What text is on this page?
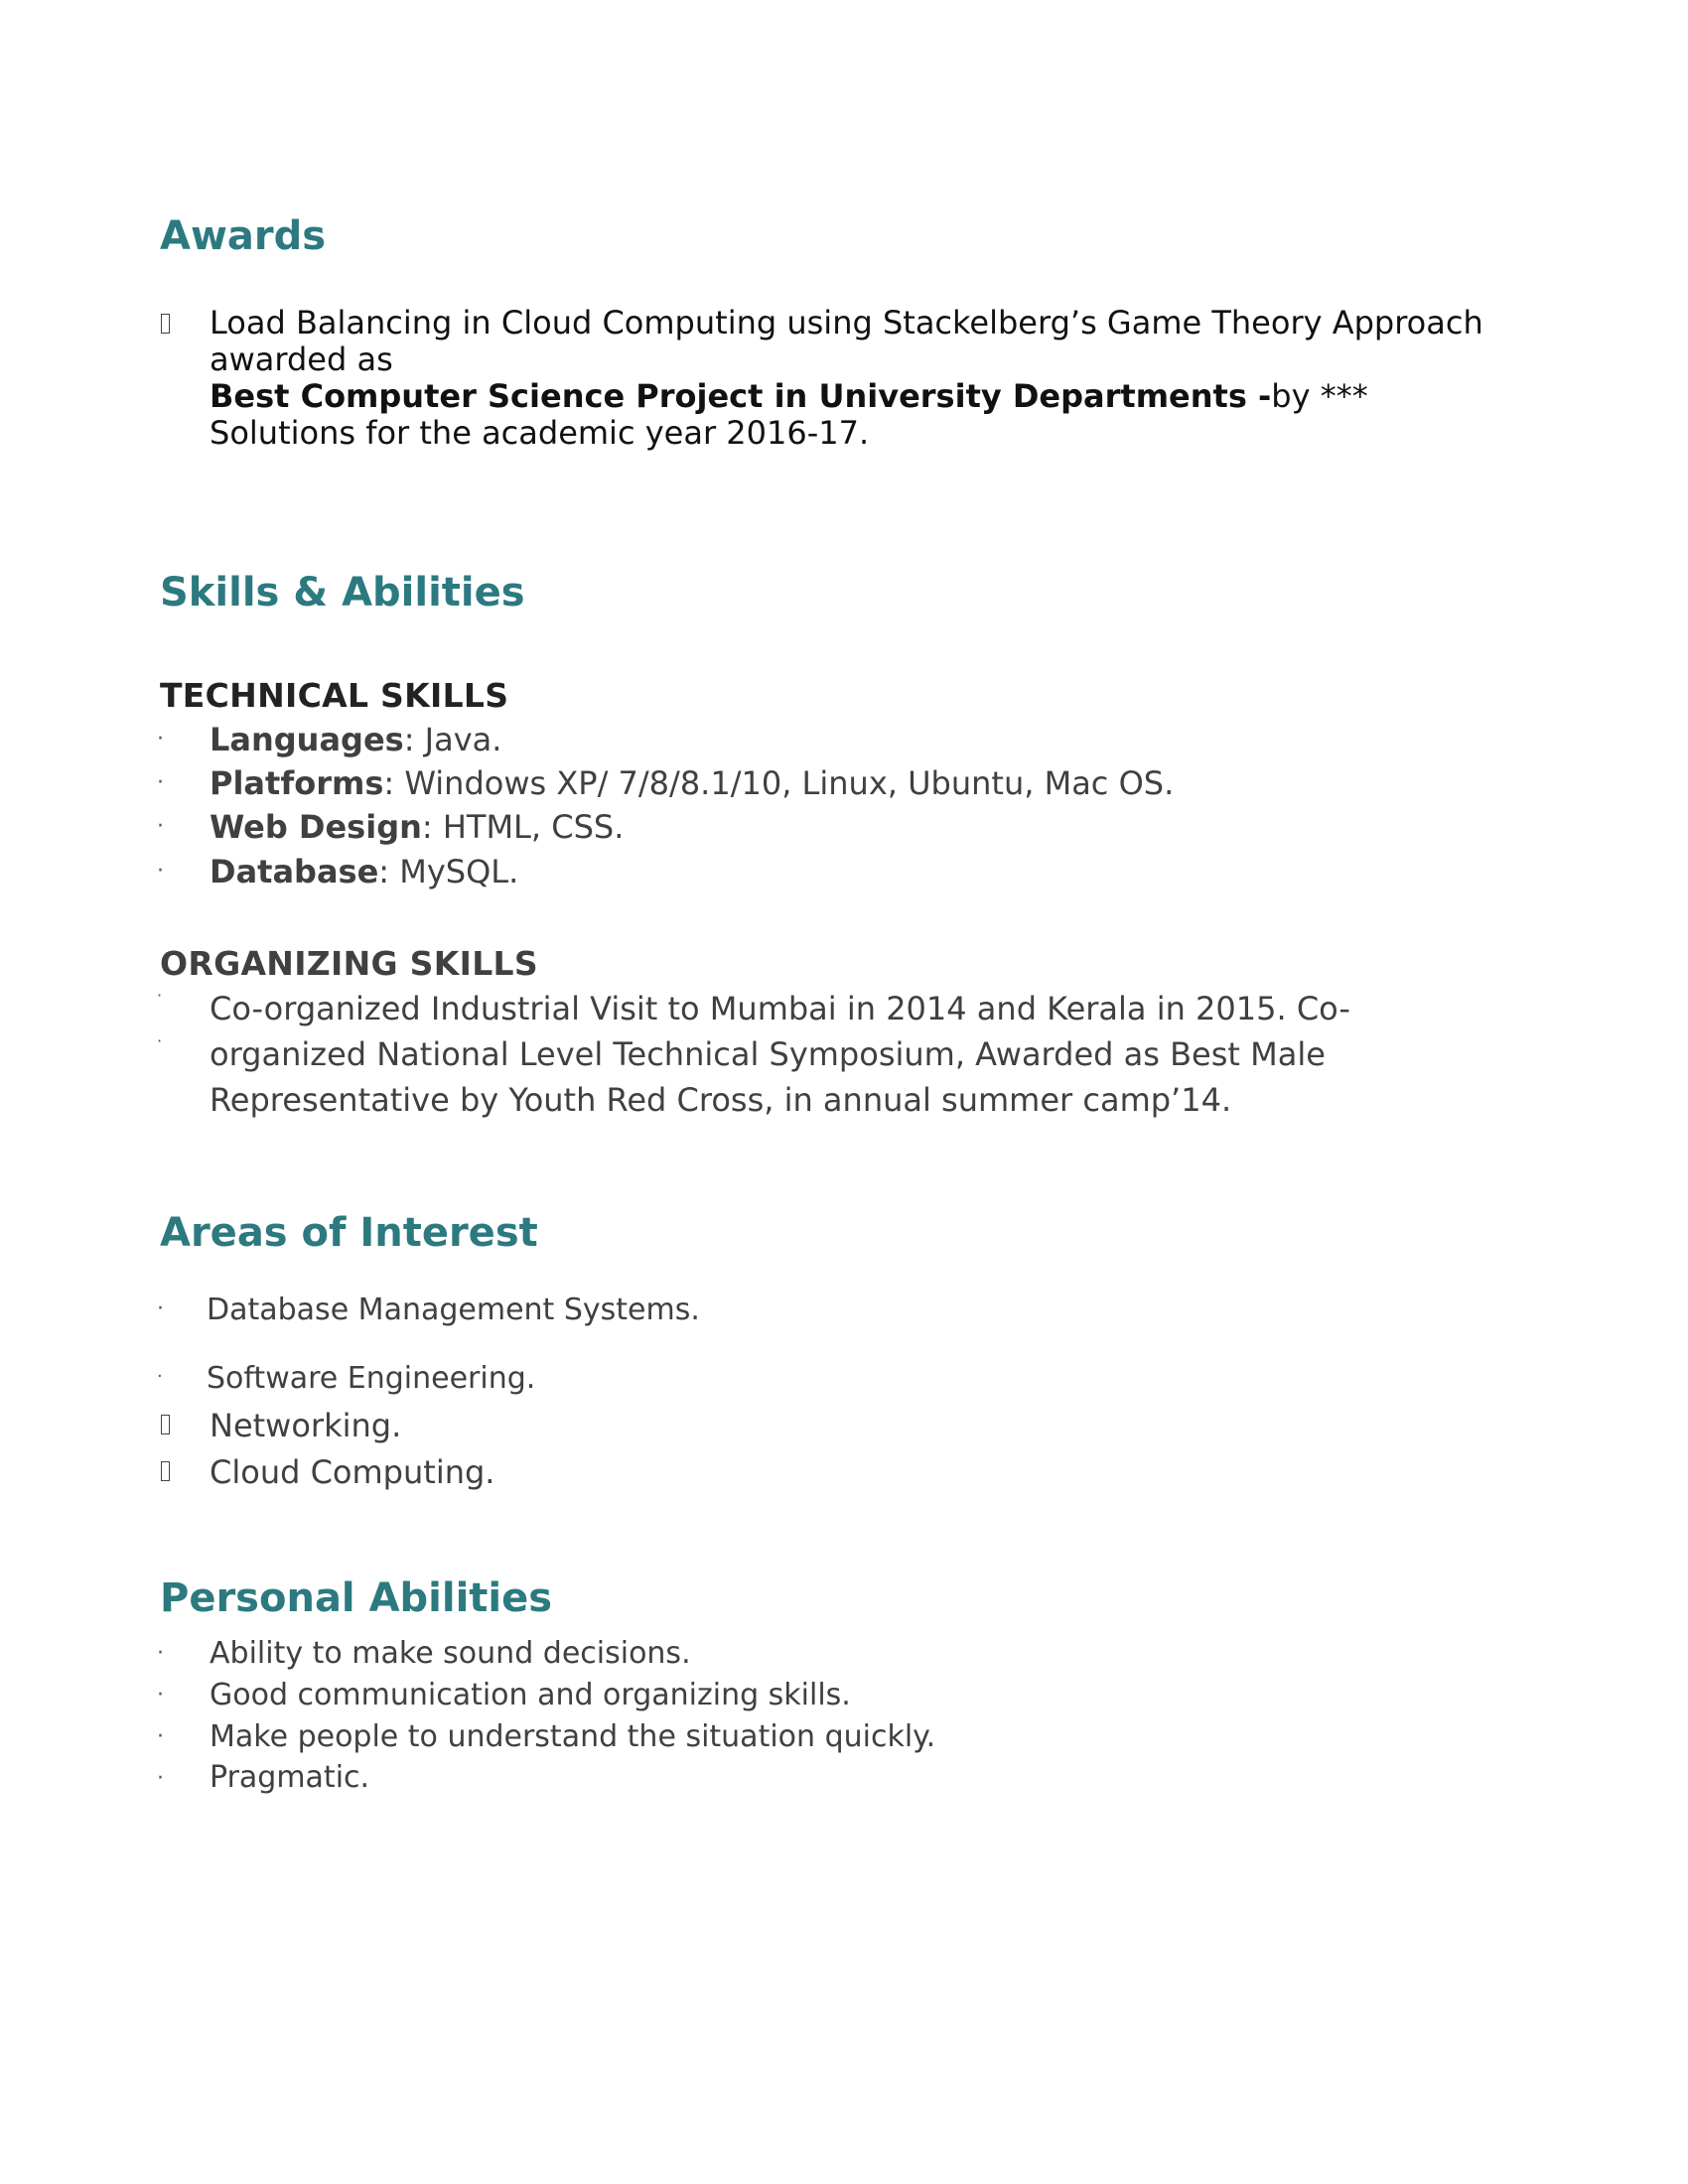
Awards
Load Balancing in Cloud Computing using Stackelberg’s Game Theory Approach
awarded as
Best Computer Science Project in University Departments -by ***
Solutions for the academic year 2016-17.
Skills & Abilities
TECHNICAL SKILLS
· Languages: Java.
· Platforms: Windows XP/ 7/8/8.1/10, Linux, Ubuntu, Mac OS.
· Web Design: HTML, CSS.
· Database: MySQL.
ORGANIZING SKILLS
·
·
Co-organized Industrial Visit to Mumbai in 2014 and Kerala in 2015. Co-
organized National Level Technical Symposium, Awarded as Best Male
Representative by Youth Red Cross, in annual summer camp’14.
Areas of Interest
· Database Management Systems.
· Software Engineering.
Networking.
Cloud Computing.
Personal Abilities
· Ability to make sound decisions.
· Good communication and organizing skills.
· Make people to understand the situation quickly.
· Pragmatic.
